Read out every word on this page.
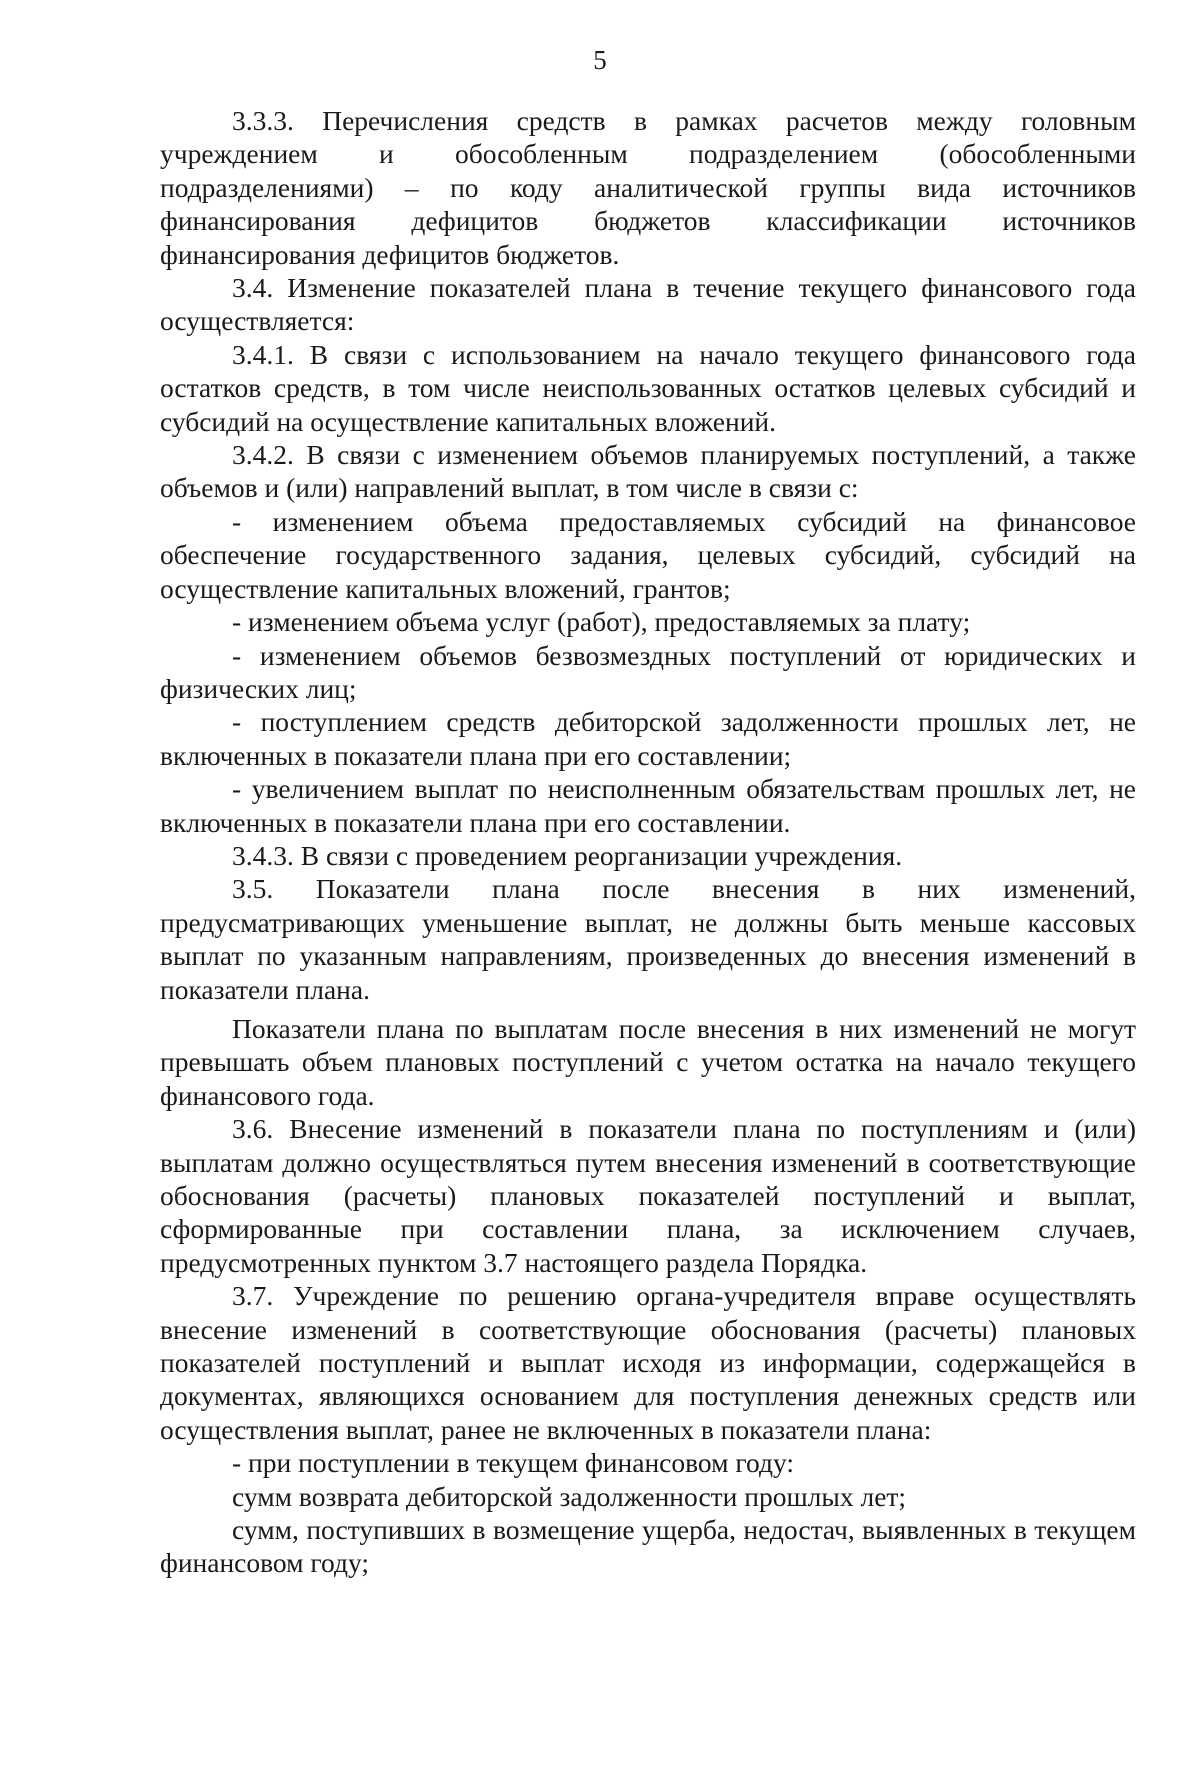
5

3.3.3. Перечисления средств в рамках расчетов между головным учреждением и обособленным подразделением (обособленными подразделениями) – по коду аналитической группы вида источников финансирования дефицитов бюджетов классификации источников финансирования дефицитов бюджетов.

3.4. Изменение показателей плана в течение текущего финансового года осуществляется:

3.4.1. В связи с использованием на начало текущего финансового года остатков средств, в том числе неиспользованных остатков целевых субсидий и субсидий на осуществление капитальных вложений.

3.4.2. В связи с изменением объемов планируемых поступлений, а также объемов и (или) направлений выплат, в том числе в связи с:

- изменением объема предоставляемых субсидий на финансовое обеспечение государственного задания, целевых субсидий, субсидий на осуществление капитальных вложений, грантов;

- изменением объема услуг (работ), предоставляемых за плату;

- изменением объемов безвозмездных поступлений от юридических и физических лиц;

- поступлением средств дебиторской задолженности прошлых лет, не включенных в показатели плана при его составлении;

- увеличением выплат по неисполненным обязательствам прошлых лет, не включенных в показатели плана при его составлении.

3.4.3. В связи с проведением реорганизации учреждения.

3.5. Показатели плана после внесения в них изменений, предусматривающих уменьшение выплат, не должны быть меньше кассовых выплат по указанным направлениям, произведенных до внесения изменений в показатели плана.

Показатели плана по выплатам после внесения в них изменений не могут превышать объем плановых поступлений с учетом остатка на начало текущего финансового года.

3.6. Внесение изменений в показатели плана по поступлениям и (или) выплатам должно осуществляться путем внесения изменений в соответствующие обоснования (расчеты) плановых показателей поступлений и выплат, сформированные при составлении плана, за исключением случаев, предусмотренных пунктом 3.7 настоящего раздела Порядка.

3.7. Учреждение по решению органа-учредителя вправе осуществлять внесение изменений в соответствующие обоснования (расчеты) плановых показателей поступлений и выплат исходя из информации, содержащейся в документах, являющихся основанием для поступления денежных средств или осуществления выплат, ранее не включенных в показатели плана:

- при поступлении в текущем финансовом году:

сумм возврата дебиторской задолженности прошлых лет;

сумм, поступивших в возмещение ущерба, недостач, выявленных в текущем финансовом году;
